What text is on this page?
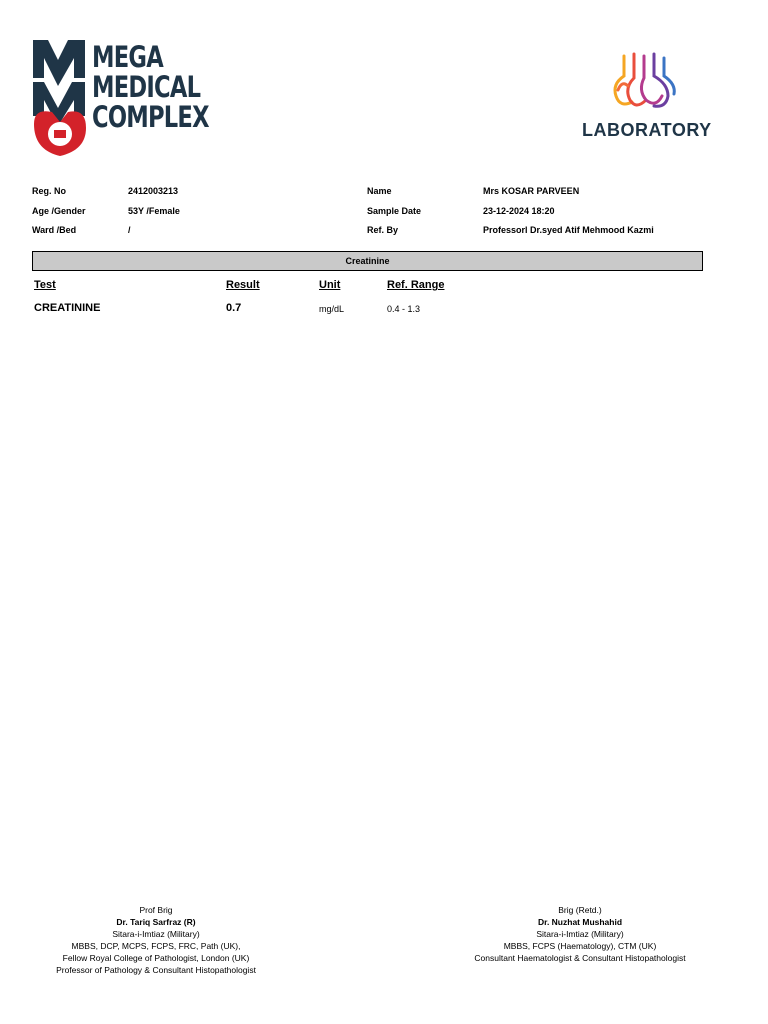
MEGA
MEDICAL
COMPLEX	LABORATORY
Reg. No	2412003213
Age /Gender	53Y /Female
Ward /Bed	/
Name	Mrs KOSAR PARVEEN
Sample Date	23-12-2024 18:20
Ref. By	Professorl Dr.syed Atif Mehmood Kazmi
Creatinine
Test	Result	Unit	Ref. Range
CREATININE	0.7	mg/dL	0.4 - 1.3
Prof Brig
Dr. Tariq Sarfraz (R)
Sitara-i-Imtiaz (Military)
MBBS, DCP, MCPS, FCPS, FRC, Path (UK),
Fellow Royal College of Pathologist, London (UK)
Professor of Pathology & Consultant Histopathologist
Brig (Retd.)
Dr. Nuzhat Mushahid
Sitara-i-Imtiaz (Military)
MBBS, FCPS (Haematology), CTM (UK)
Consultant Haematologist & Consultant Histopathologist
